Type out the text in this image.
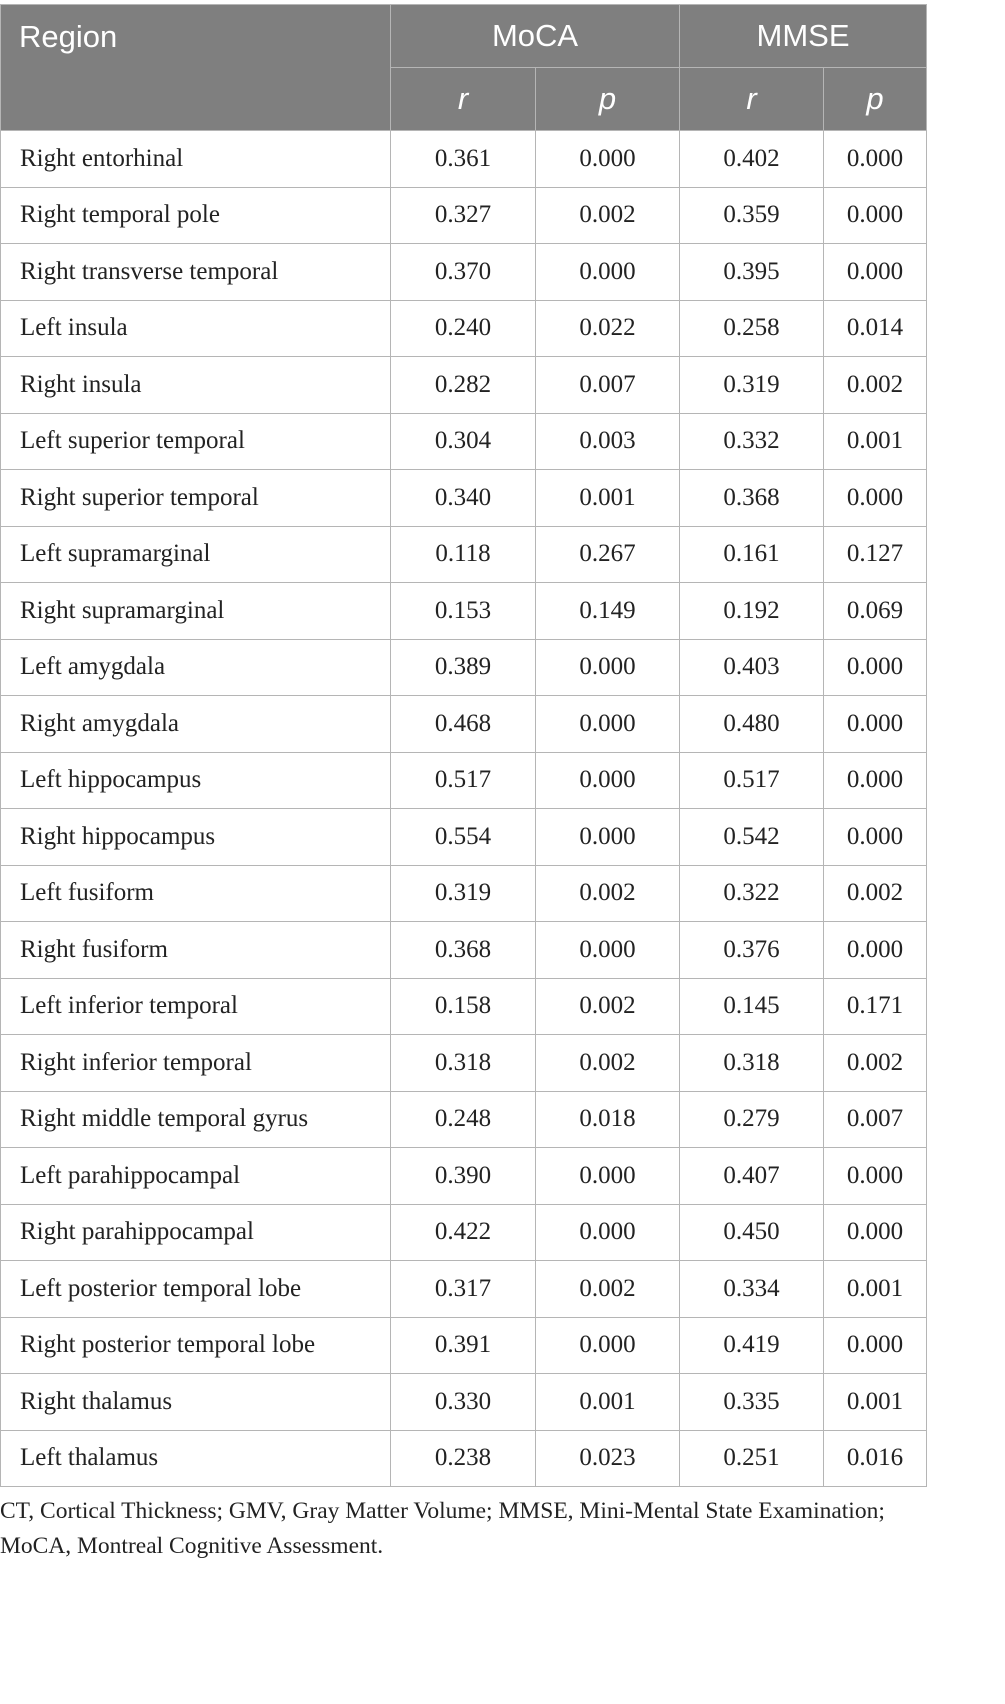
Region	MoCA		MMSE	
	r	p	r	p
Right entorhinal	0.361	0.000	0.402	0.000
Right temporal pole	0.327	0.002	0.359	0.000
Right transverse temporal	0.370	0.000	0.395	0.000
Left insula	0.240	0.022	0.258	0.014
Right insula	0.282	0.007	0.319	0.002
Left superior temporal	0.304	0.003	0.332	0.001
Right superior temporal	0.340	0.001	0.368	0.000
Left supramarginal	0.118	0.267	0.161	0.127
Right supramarginal	0.153	0.149	0.192	0.069
Left amygdala	0.389	0.000	0.403	0.000
Right amygdala	0.468	0.000	0.480	0.000
Left hippocampus	0.517	0.000	0.517	0.000
Right hippocampus	0.554	0.000	0.542	0.000
Left fusiform	0.319	0.002	0.322	0.002
Right fusiform	0.368	0.000	0.376	0.000
Left inferior temporal	0.158	0.002	0.145	0.171
Right inferior temporal	0.318	0.002	0.318	0.002
Right middle temporal gyrus	0.248	0.018	0.279	0.007
Left parahippocampal	0.390	0.000	0.407	0.000
Right parahippocampal	0.422	0.000	0.450	0.000
Left posterior temporal lobe	0.317	0.002	0.334	0.001
Right posterior temporal lobe	0.391	0.000	0.419	0.000
Right thalamus	0.330	0.001	0.335	0.001
Left thalamus	0.238	0.023	0.251	0.016
CT, Cortical Thickness; GMV, Gray Matter Volume; MMSE, Mini-Mental State Examination; MoCA, Montreal Cognitive Assessment.
